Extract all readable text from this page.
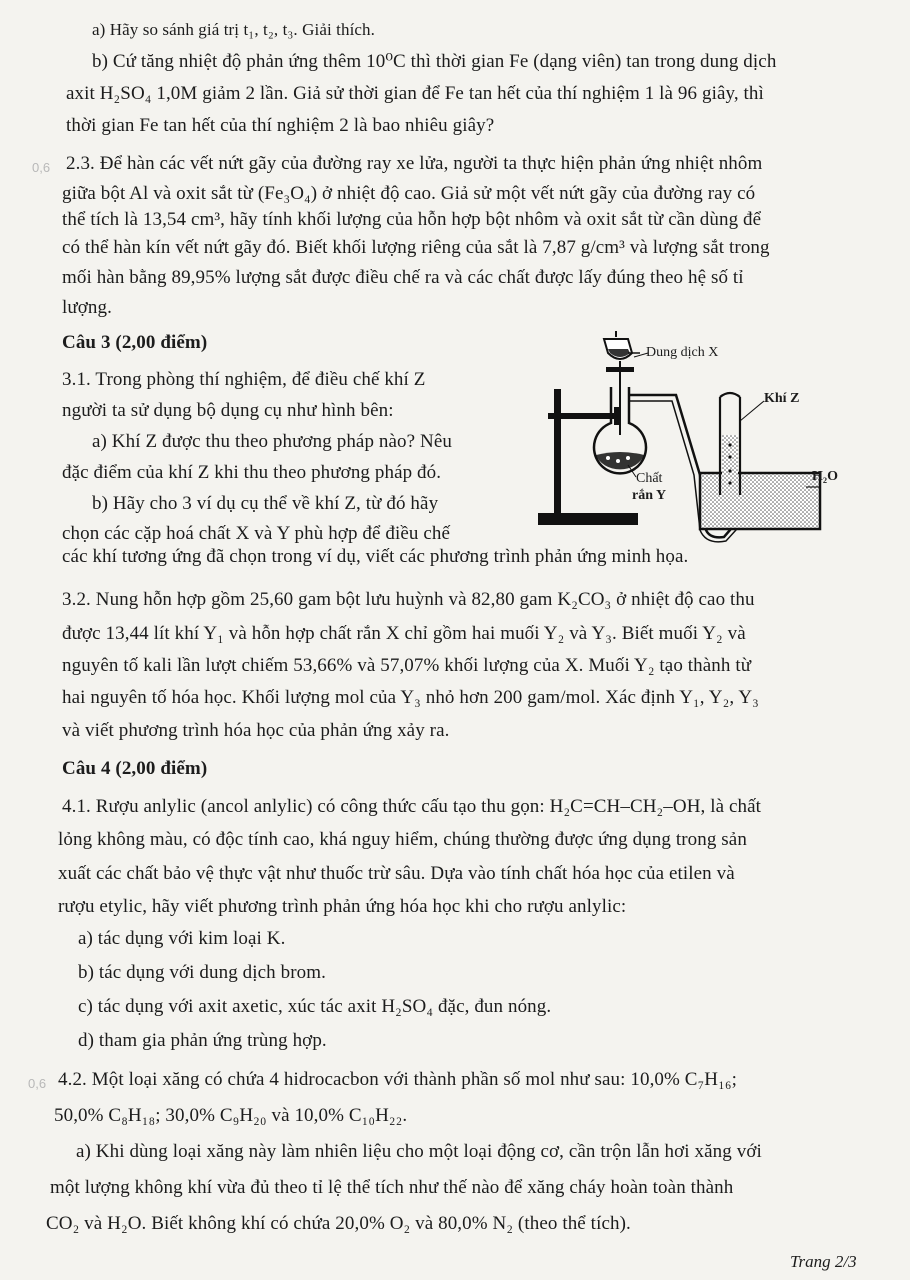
a) Hãy so sánh giá trị t₁, t₂, t₃. Giải thích.
b) Cứ tăng nhiệt độ phản ứng thêm 10⁰C thì thời gian Fe (dạng viên) tan trong dung dịch
axit H₂SO₄ 1,0M giảm 2 lần. Giả sử thời gian để Fe tan hết của thí nghiệm 1 là 96 giây, thì
thời gian Fe tan hết của thí nghiệm 2 là bao nhiêu giây?
0,6 2.3. Để hàn các vết nứt gãy của đường ray xe lửa, người ta thực hiện phản ứng nhiệt nhôm
giữa bột Al và oxit sắt từ (Fe₃O₄) ở nhiệt độ cao. Giả sử một vết nứt gãy của đường ray có
thể tích là 13,54 cm³, hãy tính khối lượng của hỗn hợp bột nhôm và oxit sắt từ cần dùng để
có thể hàn kín vết nứt gãy đó. Biết khối lượng riêng của sắt là 7,87 g/cm³ và lượng sắt trong
mối hàn bằng 89,95% lượng sắt được điều chế ra và các chất được lấy đúng theo hệ số tỉ
lượng.
Câu 3 (2,00 điểm)
3.1. Trong phòng thí nghiệm, để điều chế khí Z
người ta sử dụng bộ dụng cụ như hình bên:
a) Khí Z được thu theo phương pháp nào? Nêu
đặc điểm của khí Z khi thu theo phương pháp đó.
b) Hãy cho 3 ví dụ cụ thể về khí Z, từ đó hãy
chọn các cặp hoá chất X và Y phù hợp để điều chế
các khí tương ứng đã chọn trong ví dụ, viết các phương trình phản ứng minh họa.
3.2. Nung hỗn hợp gồm 25,60 gam bột lưu huỳnh và 82,80 gam K₂CO₃ ở nhiệt độ cao thu
được 13,44 lít khí Y₁ và hỗn hợp chất rắn X chỉ gồm hai muối Y₂ và Y₃. Biết muối Y₂ và
nguyên tố kali lần lượt chiếm 53,66% và 57,07% khối lượng của X. Muối Y₂ tạo thành từ
hai nguyên tố hóa học. Khối lượng mol của Y₃ nhỏ hơn 200 gam/mol. Xác định Y₁, Y₂, Y₃
và viết phương trình hóa học của phản ứng xảy ra.
Câu 4 (2,00 điểm)
4.1. Rượu anlylic (ancol anlylic) có công thức cấu tạo thu gọn: H₂C=CH–CH₂–OH, là chất
lỏng không màu, có độc tính cao, khá nguy hiểm, chúng thường được ứng dụng trong sản
xuất các chất bảo vệ thực vật như thuốc trừ sâu. Dựa vào tính chất hóa học của etilen và
rượu etylic, hãy viết phương trình phản ứng hóa học khi cho rượu anlylic:
a) tác dụng với kim loại K.
b) tác dụng với dung dịch brom.
c) tác dụng với axit axetic, xúc tác axit H₂SO₄ đặc, đun nóng.
d) tham gia phản ứng trùng hợp.
0,6 4.2. Một loại xăng có chứa 4 hidrocacbon với thành phần số mol như sau: 10,0% C₇H₁₆;
50,0% C₈H₁₈; 30,0% C₉H₂₀ và 10,0% C₁₀H₂₂.
a) Khi dùng loại xăng này làm nhiên liệu cho một loại động cơ, cần trộn lẫn hơi xăng với
một lượng không khí vừa đủ theo tỉ lệ thể tích như thế nào để xăng cháy hoàn toàn thành
CO₂ và H₂O. Biết không khí có chứa 20,0% O₂ và 80,0% N₂ (theo thể tích).
Trang 2/3
Dung dịch X
Khí Z
H₂O
Chất
rắn Y
